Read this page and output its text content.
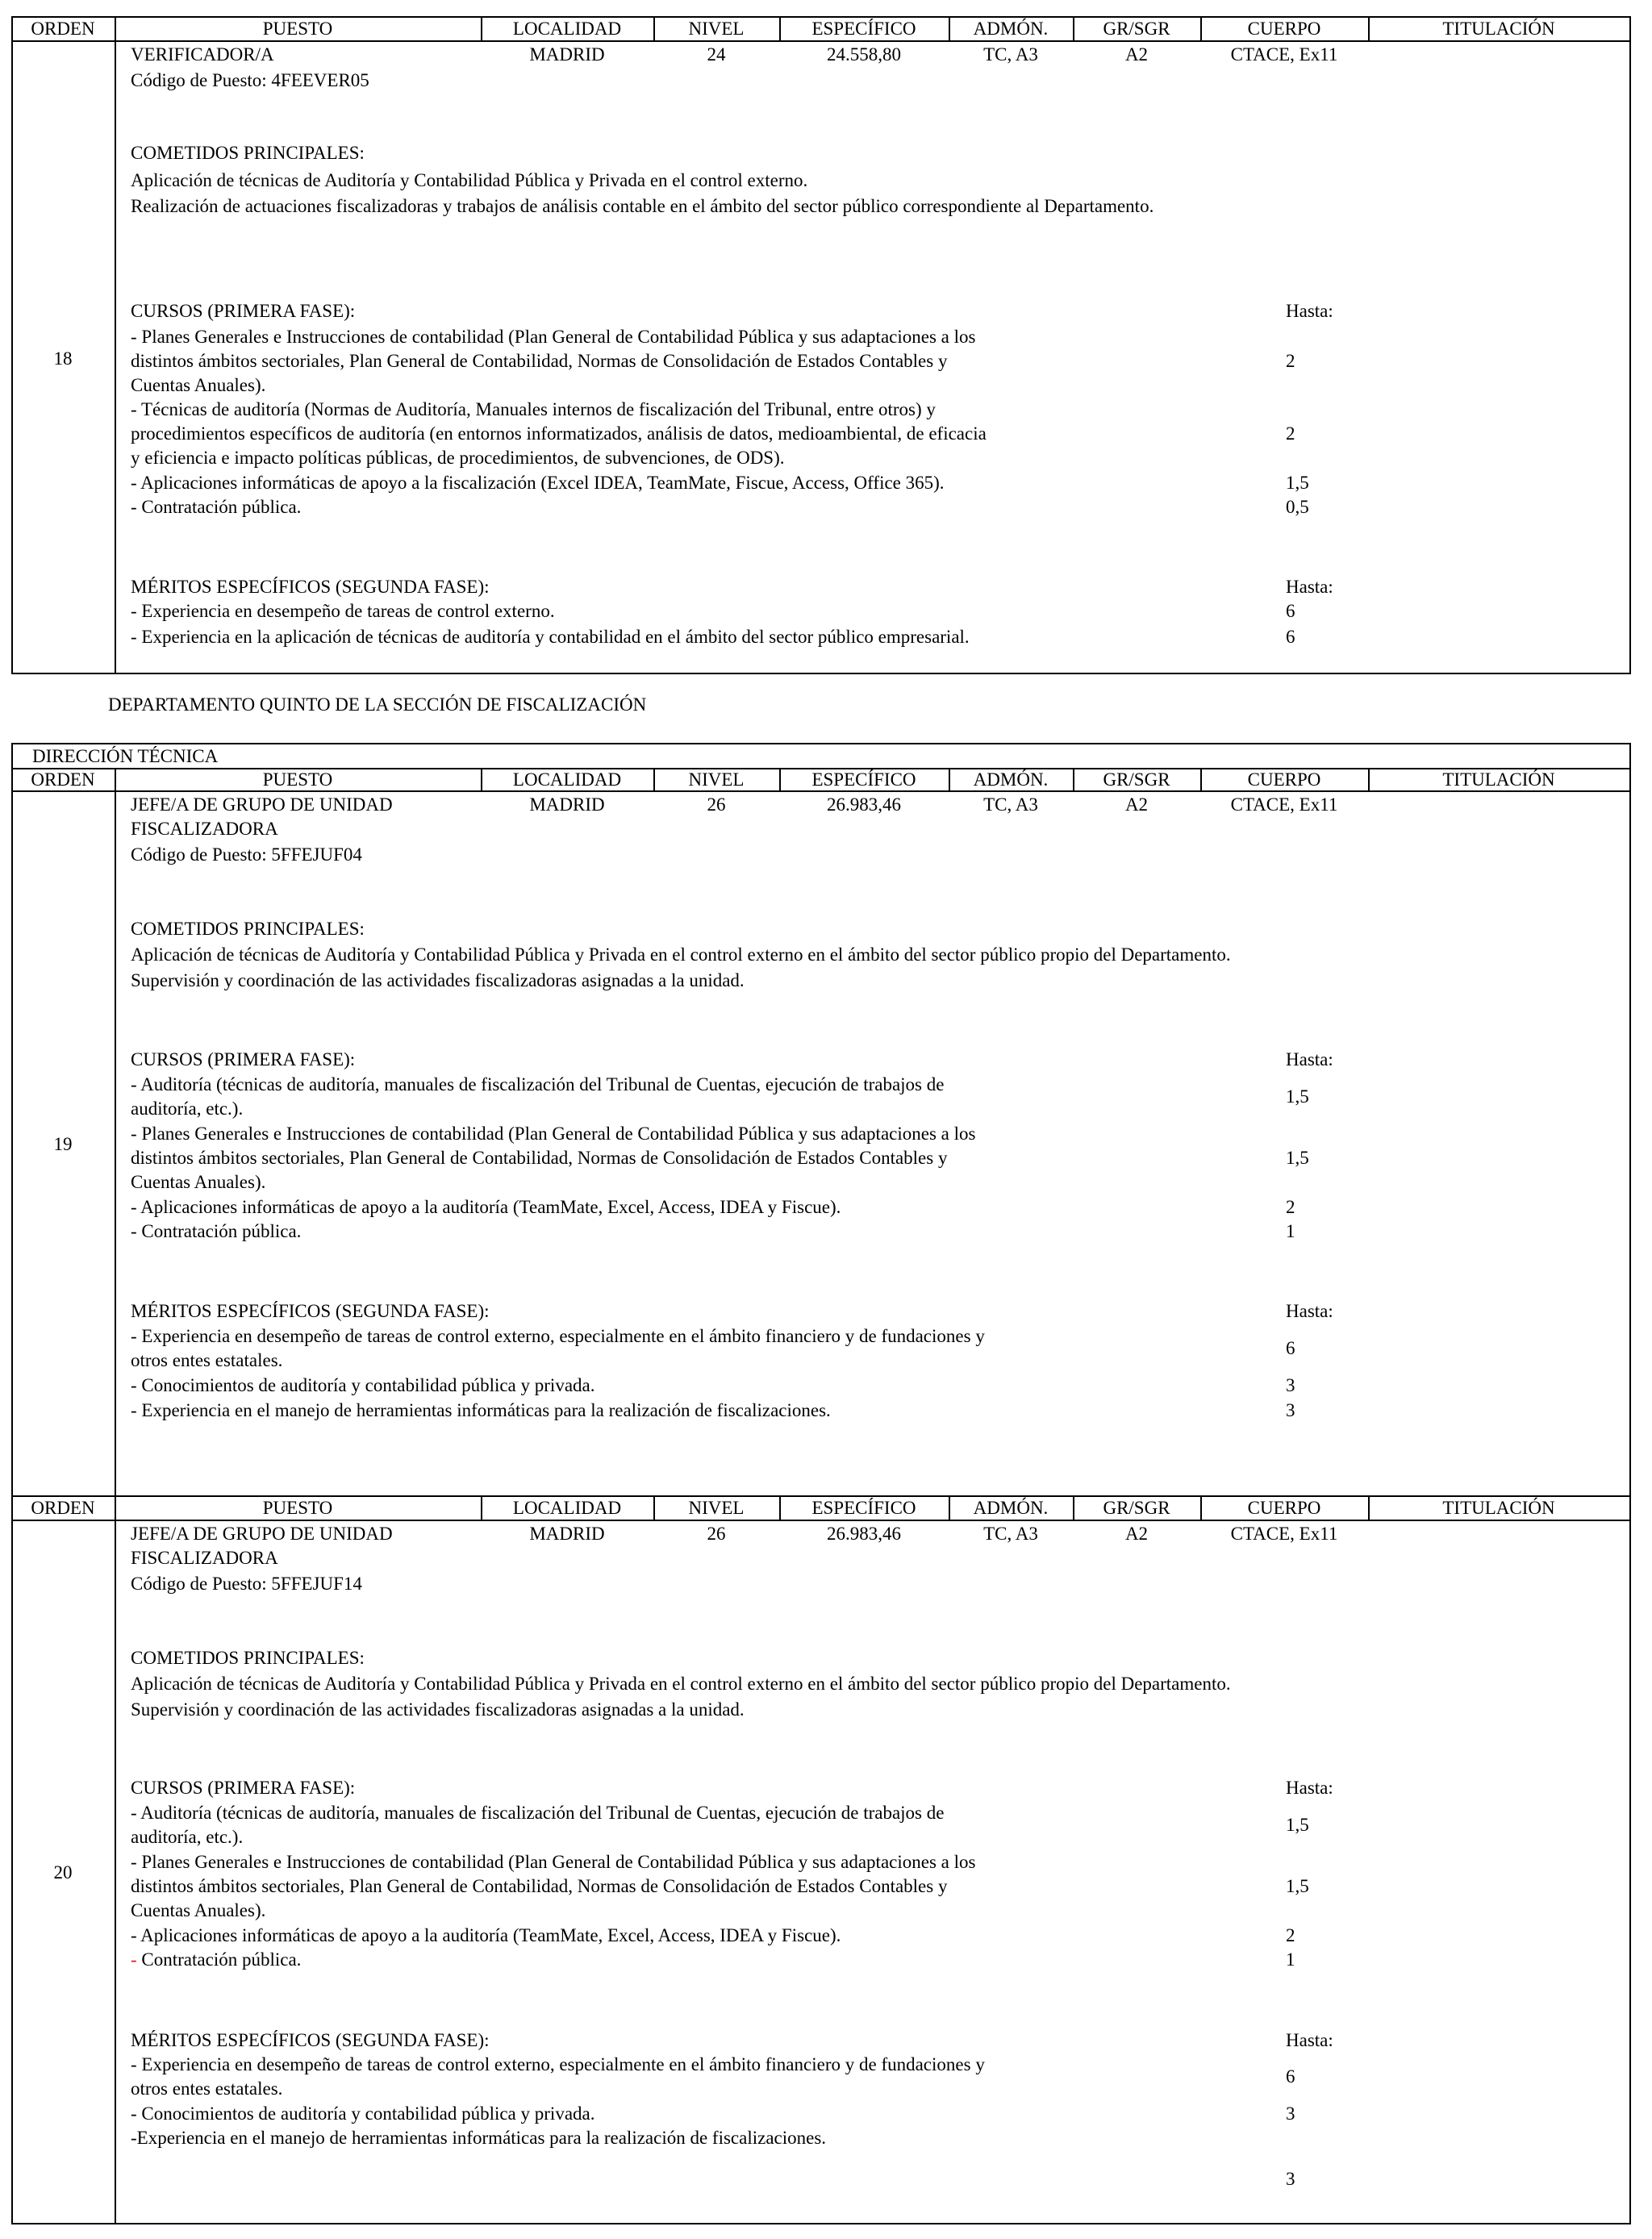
ORDEN	PUESTO	LOCALIDAD	NIVEL	ESPECÍFICO	ADMÓN.	GR/SGR	CUERPO	TITULACIÓN
18
VERIFICADOR/A
Código de Puesto: 4FEEVER05
MADRID	24	24.558,80	TC, A3	A2	CTACE, Ex11
COMETIDOS PRINCIPALES:
Aplicación de técnicas de Auditoría y Contabilidad Pública y Privada en el control externo.
Realización de actuaciones fiscalizadoras y trabajos de análisis contable en el ámbito del sector público correspondiente al Departamento.
CURSOS (PRIMERA FASE):	Hasta:
- Planes Generales e Instrucciones de contabilidad (Plan General de Contabilidad Pública y sus adaptaciones a los
distintos ámbitos sectoriales, Plan General de Contabilidad, Normas de Consolidación de Estados Contables y
Cuentas Anuales).
2
- Técnicas de auditoría (Normas de Auditoría, Manuales internos de fiscalización del Tribunal, entre otros) y
procedimientos específicos de auditoría (en entornos informatizados, análisis de datos, medioambiental, de eficacia
y eficiencia e impacto políticas públicas, de procedimientos, de subvenciones, de ODS).
2
- Aplicaciones informáticas de apoyo a la fiscalización (Excel IDEA, TeamMate, Fiscue, Access, Office 365).	1,5
- Contratación pública.	0,5
MÉRITOS ESPECÍFICOS (SEGUNDA FASE):	Hasta:
- Experiencia en desempeño de tareas de control externo.	6
- Experiencia en la aplicación de técnicas de auditoría y contabilidad en el ámbito del sector público empresarial.	6
DEPARTAMENTO QUINTO DE LA SECCIÓN DE FISCALIZACIÓN
DIRECCIÓN TÉCNICA
ORDEN	PUESTO	LOCALIDAD	NIVEL	ESPECÍFICO	ADMÓN.	GR/SGR	CUERPO	TITULACIÓN
19
JEFE/A DE GRUPO DE UNIDAD
FISCALIZADORA
Código de Puesto: 5FFEJUF04
MADRID	26	26.983,46	TC, A3	A2	CTACE, Ex11
COMETIDOS PRINCIPALES:
Aplicación de técnicas de Auditoría y Contabilidad Pública y Privada en el control externo en el ámbito del sector público propio del Departamento.
Supervisión y coordinación de las actividades fiscalizadoras asignadas a la unidad.
CURSOS (PRIMERA FASE):	Hasta:
- Auditoría (técnicas de auditoría, manuales de fiscalización del Tribunal de Cuentas, ejecución de trabajos de
auditoría, etc.).
1,5
- Planes Generales e Instrucciones de contabilidad (Plan General de Contabilidad Pública y sus adaptaciones a los
distintos ámbitos sectoriales, Plan General de Contabilidad, Normas de Consolidación de Estados Contables y
Cuentas Anuales).
1,5
- Aplicaciones informáticas de apoyo a la auditoría (TeamMate, Excel, Access, IDEA y Fiscue).	2
- Contratación pública.	1
MÉRITOS ESPECÍFICOS (SEGUNDA FASE):	Hasta:
- Experiencia en desempeño de tareas de control externo, especialmente en el ámbito financiero y de fundaciones y
otros entes estatales.
6
- Conocimientos de auditoría y contabilidad pública y privada.	3
- Experiencia en el manejo de herramientas informáticas para la realización de fiscalizaciones.	3
ORDEN	PUESTO	LOCALIDAD	NIVEL	ESPECÍFICO	ADMÓN.	GR/SGR	CUERPO	TITULACIÓN
20
JEFE/A DE GRUPO DE UNIDAD
FISCALIZADORA
Código de Puesto: 5FFEJUF14
MADRID	26	26.983,46	TC, A3	A2	CTACE, Ex11
COMETIDOS PRINCIPALES:
Aplicación de técnicas de Auditoría y Contabilidad Pública y Privada en el control externo en el ámbito del sector público propio del Departamento.
Supervisión y coordinación de las actividades fiscalizadoras asignadas a la unidad.
CURSOS (PRIMERA FASE):	Hasta:
- Auditoría (técnicas de auditoría, manuales de fiscalización del Tribunal de Cuentas, ejecución de trabajos de
auditoría, etc.).
1,5
- Planes Generales e Instrucciones de contabilidad (Plan General de Contabilidad Pública y sus adaptaciones a los
distintos ámbitos sectoriales, Plan General de Contabilidad, Normas de Consolidación de Estados Contables y
Cuentas Anuales).
1,5
- Aplicaciones informáticas de apoyo a la auditoría (TeamMate, Excel, Access, IDEA y Fiscue).	2
- Contratación pública.	1
MÉRITOS ESPECÍFICOS (SEGUNDA FASE):	Hasta:
- Experiencia en desempeño de tareas de control externo, especialmente en el ámbito financiero y de fundaciones y
otros entes estatales.
6
- Conocimientos de auditoría y contabilidad pública y privada.	3
-Experiencia en el manejo de herramientas informáticas para la realización de fiscalizaciones.
3
